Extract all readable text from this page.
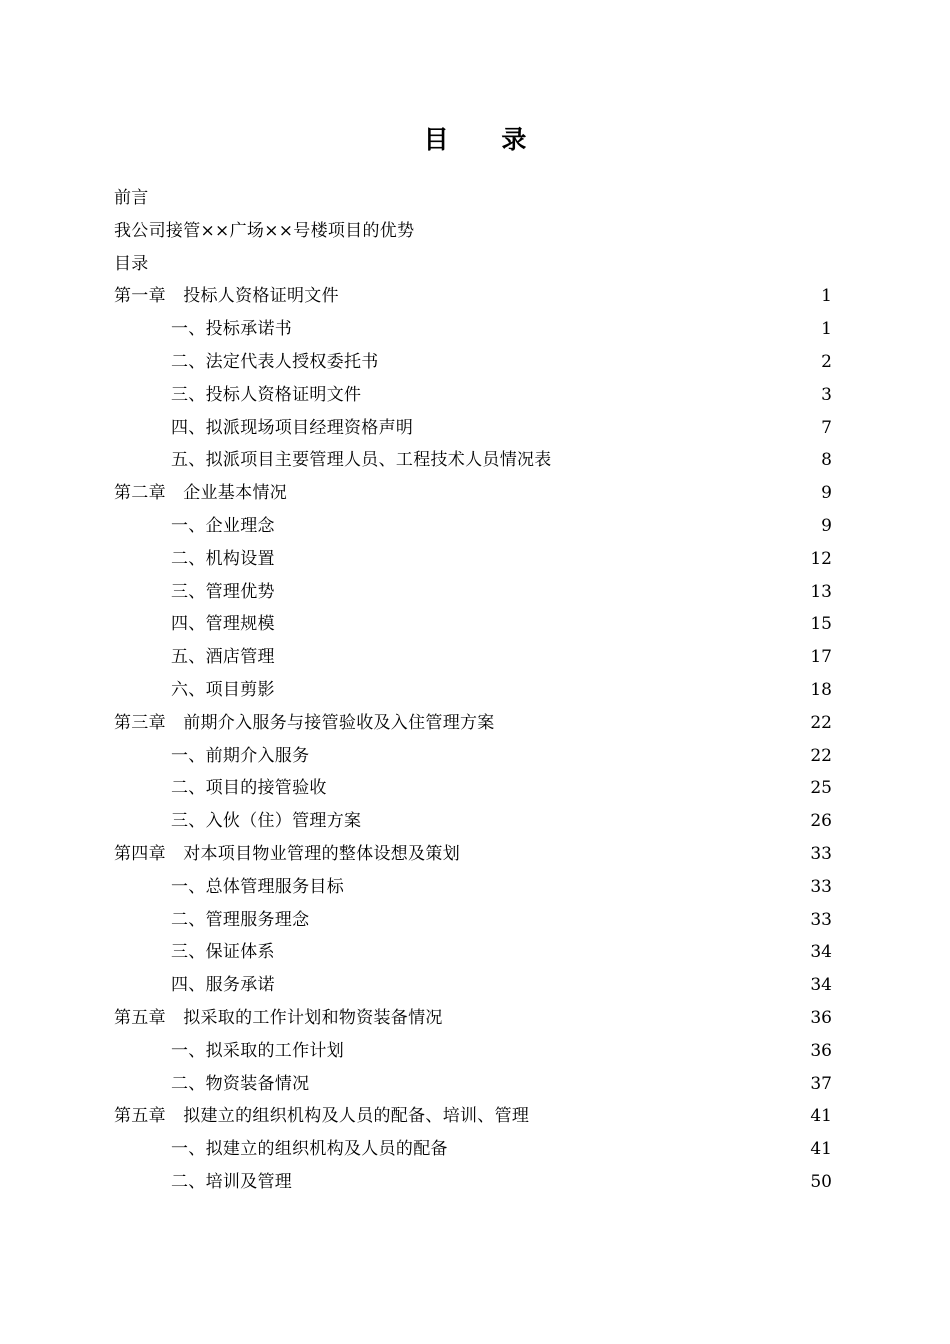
目 录
前言
我公司接管××广场××号楼项目的优势
目录
第一章　投标人资格证明文件	1
一、投标承诺书	1
二、法定代表人授权委托书	2
三、投标人资格证明文件	3
四、拟派现场项目经理资格声明	7
五、拟派项目主要管理人员、工程技术人员情况表	8
第二章　企业基本情况	9
一、企业理念	9
二、机构设置	12
三、管理优势	13
四、管理规模	15
五、酒店管理	17
六、项目剪影	18
第三章　前期介入服务与接管验收及入住管理方案	22
一、前期介入服务	22
二、项目的接管验收	25
三、入伙（住）管理方案	26
第四章　对本项目物业管理的整体设想及策划	33
一、总体管理服务目标	33
二、管理服务理念	33
三、保证体系	34
四、服务承诺	34
第五章　拟采取的工作计划和物资装备情况	36
一、拟采取的工作计划	36
二、物资装备情况	37
第五章　拟建立的组织机构及人员的配备、培训、管理	41
一、拟建立的组织机构及人员的配备	41
二、培训及管理	50
